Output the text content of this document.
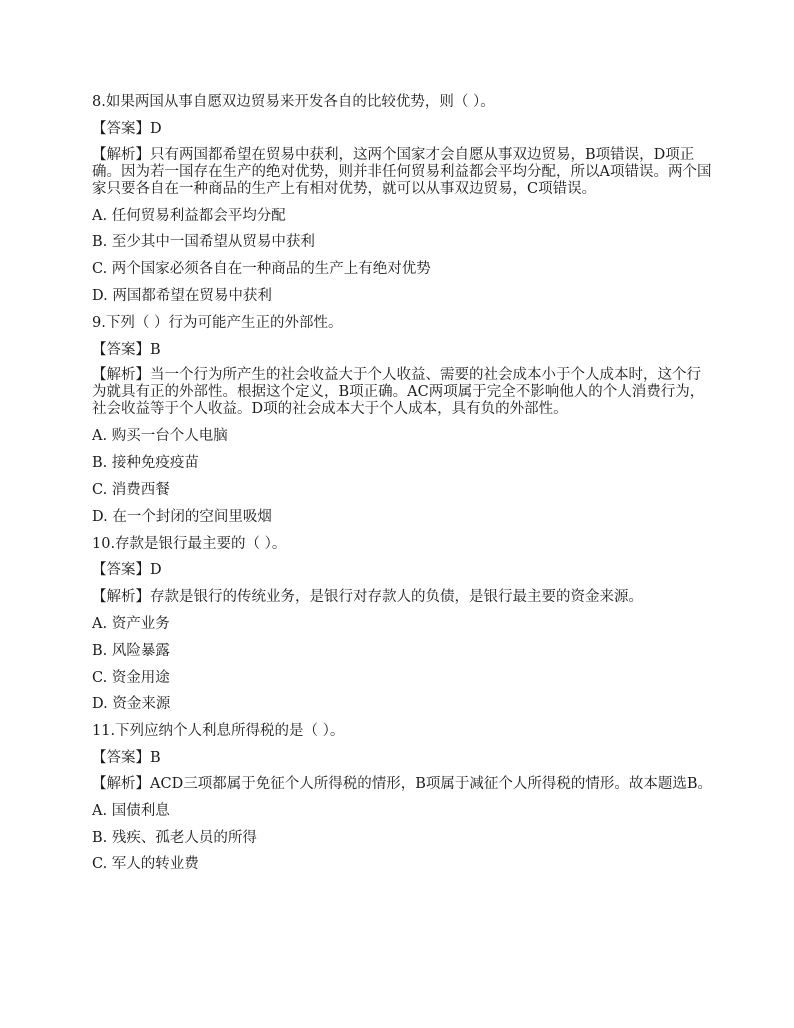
8.如果两国从事自愿双边贸易来开发各自的比较优势，则（ ）。
【答案】D
【解析】只有两国都希望在贸易中获利，这两个国家才会自愿从事双边贸易，B项错误，D项正确。因为若一国存在生产的绝对优势，则并非任何贸易利益都会平均分配，所以A项错误。两个国家只要各自在一种商品的生产上有相对优势，就可以从事双边贸易，C项错误。
A. 任何贸易利益都会平均分配
B. 至少其中一国希望从贸易中获利
C. 两个国家必须各自在一种商品的生产上有绝对优势
D. 两国都希望在贸易中获利
9.下列（ ）行为可能产生正的外部性。
【答案】B
【解析】当一个行为所产生的社会收益大于个人收益、需要的社会成本小于个人成本时，这个行为就具有正的外部性。根据这个定义，B项正确。AC两项属于完全不影响他人的个人消费行为，社会收益等于个人收益。D项的社会成本大于个人成本，具有负的外部性。
A. 购买一台个人电脑
B. 接种免疫疫苗
C. 消费西餐
D. 在一个封闭的空间里吸烟
10.存款是银行最主要的（ ）。
【答案】D
【解析】存款是银行的传统业务，是银行对存款人的负债，是银行最主要的资金来源。
A. 资产业务
B. 风险暴露
C. 资金用途
D. 资金来源
11.下列应纳个人利息所得税的是（ ）。
【答案】B
【解析】ACD三项都属于免征个人所得税的情形，B项属于减征个人所得税的情形。故本题选B。
A. 国债利息
B. 残疾、孤老人员的所得
C. 军人的转业费
